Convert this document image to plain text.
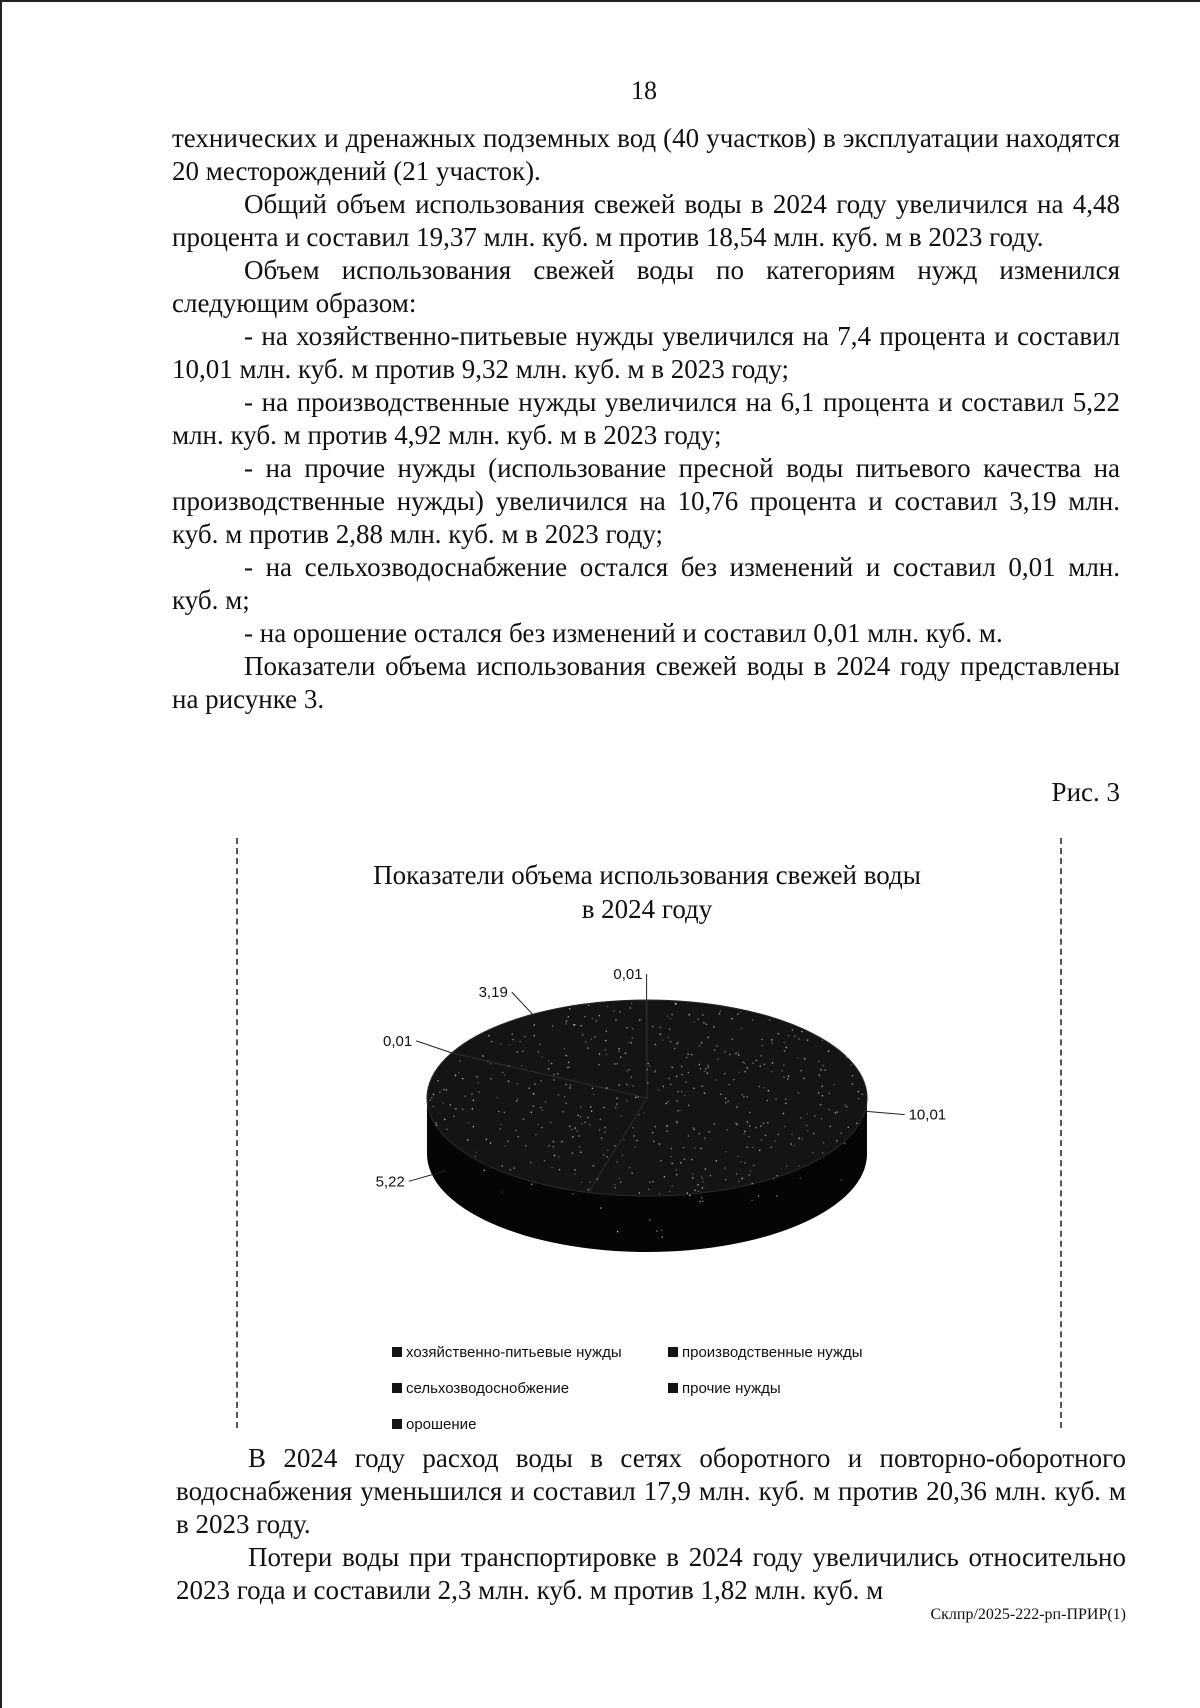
18

технических и дренажных подземных вод (40 участков) в эксплуатации находятся 20 месторождений (21 участок).

Общий объем использования свежей воды в 2024 году увеличился на 4,48 процента и составил 19,37 млн. куб. м против 18,54 млн. куб. м в 2023 году.

Объем использования свежей воды по категориям нужд изменился следующим образом:

- на хозяйственно-питьевые нужды увеличился на 7,4 процента и составил 10,01 млн. куб. м против 9,32 млн. куб. м в 2023 году;

- на производственные нужды увеличился на 6,1 процента и составил 5,22 млн. куб. м против 4,92 млн. куб. м в 2023 году;

- на прочие нужды (использование пресной воды питьевого качества на производственные нужды) увеличился на 10,76 процента и составил 3,19 млн. куб. м против 2,88 млн. куб. м в 2023 году;

- на сельхозводоснабжение остался без изменений и составил 0,01 млн. куб. м;

- на орошение остался без изменений и составил 0,01 млн. куб. м.

Показатели объема использования свежей воды в 2024 году представлены на рисунке 3.

Рис. 3
Показатели объема использования свежей воды
в 2024 году
10,01
5,22
0,01
3,19
0,01
хозяйственно-питьевые нужды	производственные нужды
сельхозводоснобжение	прочие нужды
орошение

В 2024 году расход воды в сетях оборотного и повторно-оборотного водоснабжения уменьшился и составил 17,9 млн. куб. м против 20,36 млн. куб. м в 2023 году.

Потери воды при транспортировке в 2024 году увеличились относительно 2023 года и составили 2,3 млн. куб. м против 1,82 млн. куб. м

Склпр/2025-222-рп-ПРИР(1)
